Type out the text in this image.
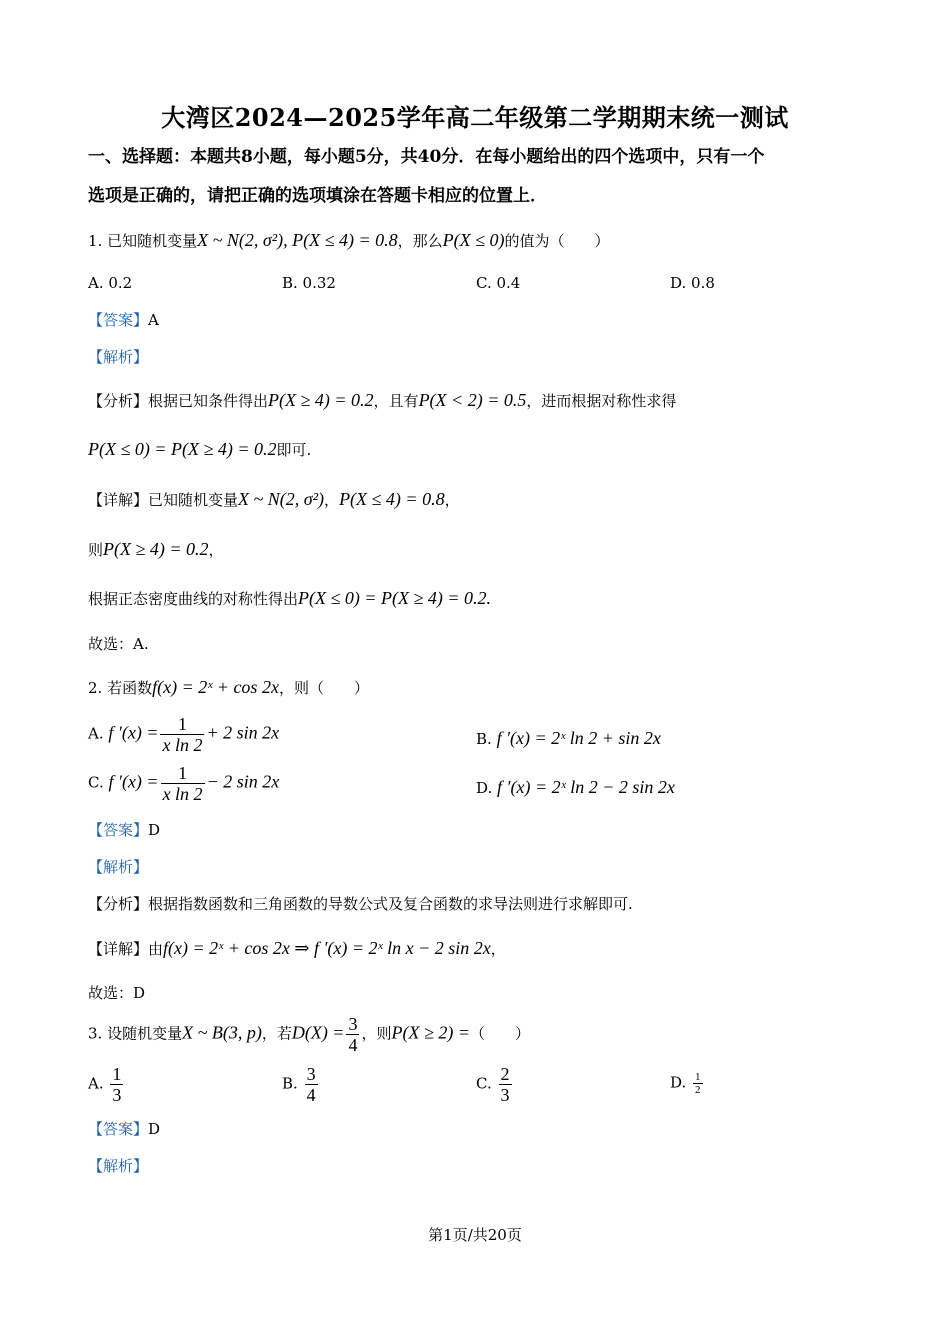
大湾区2024—2025学年高二年级第二学期期末统一测试
一、选择题：本题共8小题，每小题5分，共40分．在每小题给出的四个选项中，只有一个
选项是正确的，请把正确的选项填涂在答题卡相应的位置上．
1. 已知随机变量X ~ N(2, σ²), P(X ≤ 4) = 0.8，那么P(X ≤ 0)的值为（　　）
A. 0.2	B. 0.32	C. 0.4	D. 0.8
【答案】A
【解析】
【分析】根据已知条件得出P(X ≥ 4) = 0.2，且有P(X < 2) = 0.5，进而根据对称性求得
P(X ≤ 0) = P(X ≥ 4) = 0.2即可.
【详解】已知随机变量X ~ N(2, σ²)，P(X ≤ 4) = 0.8，
则P(X ≥ 4) = 0.2，
根据正态密度曲线的对称性得出P(X ≤ 0) = P(X ≥ 4) = 0.2.
故选：A.
2. 若函数f(x) = 2ˣ + cos 2x，则（　　）
A. f $'(x) = \frac{1}{\text{x ln 2}} + 2$ sin 2x	B. f ′(x) = 2ˣ ln 2 + sin 2x
C. f $'(x) = \frac{1}{\text{x ln 2}} - 2$ sin 2x	D. f ′(x) = 2ˣ ln 2 − 2 sin 2x
【答案】D
【解析】
【分析】根据指数函数和三角函数的导数公式及复合函数的求导法则进行求解即可.
【详解】由f(x) = 2ˣ + cos 2x ⇒ f ′(x) = 2ˣ ln x − 2 sin 2x，
故选：D
3. 设随机变量X ~ B(3, p)，若$D(X) = \frac{3}{4}$ ，则P(X ≥ 2) =（　　）
A. $\frac{1}{3}$	B. $\frac{3}{4}$	C. $\frac{2}{3}$	D. $\frac{1}{2}$
【答案】D
【解析】
第1页/共20页
